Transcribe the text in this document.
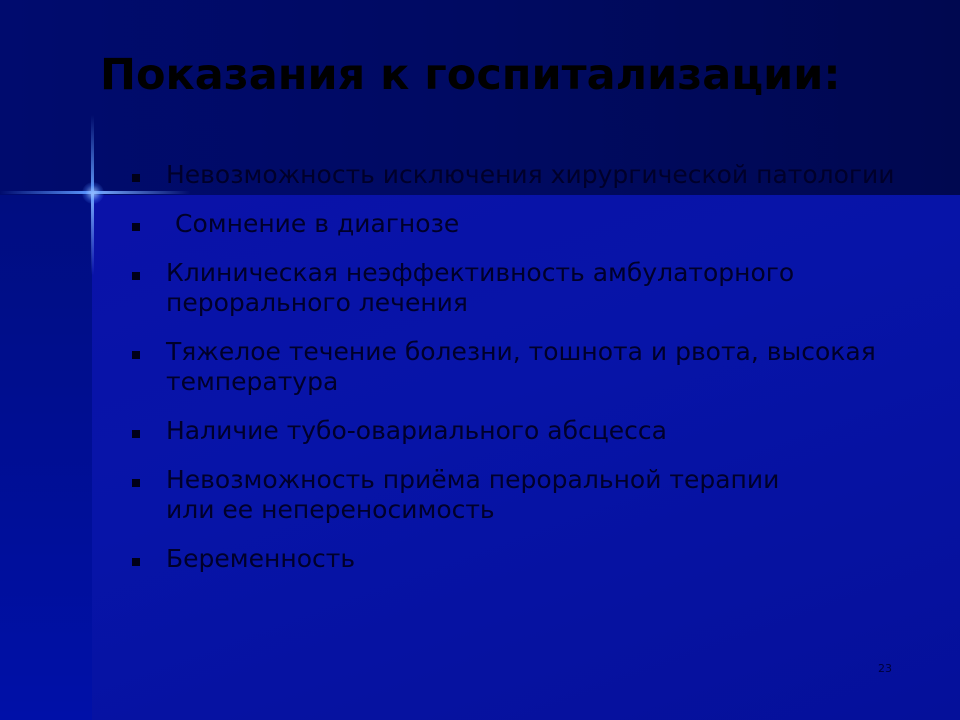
Показания к госпитализации:
Невозможность исключения хирургической патологии
Сомнение в диагнозе
Клиническая неэффективность амбулаторного перорального лечения
Тяжелое течение болезни, тошнота и рвота, высокая температура
Наличие тубо-овариального абсцесса
Невозможность приёма пероральной терапии или ее непереносимость
Беременность
23
